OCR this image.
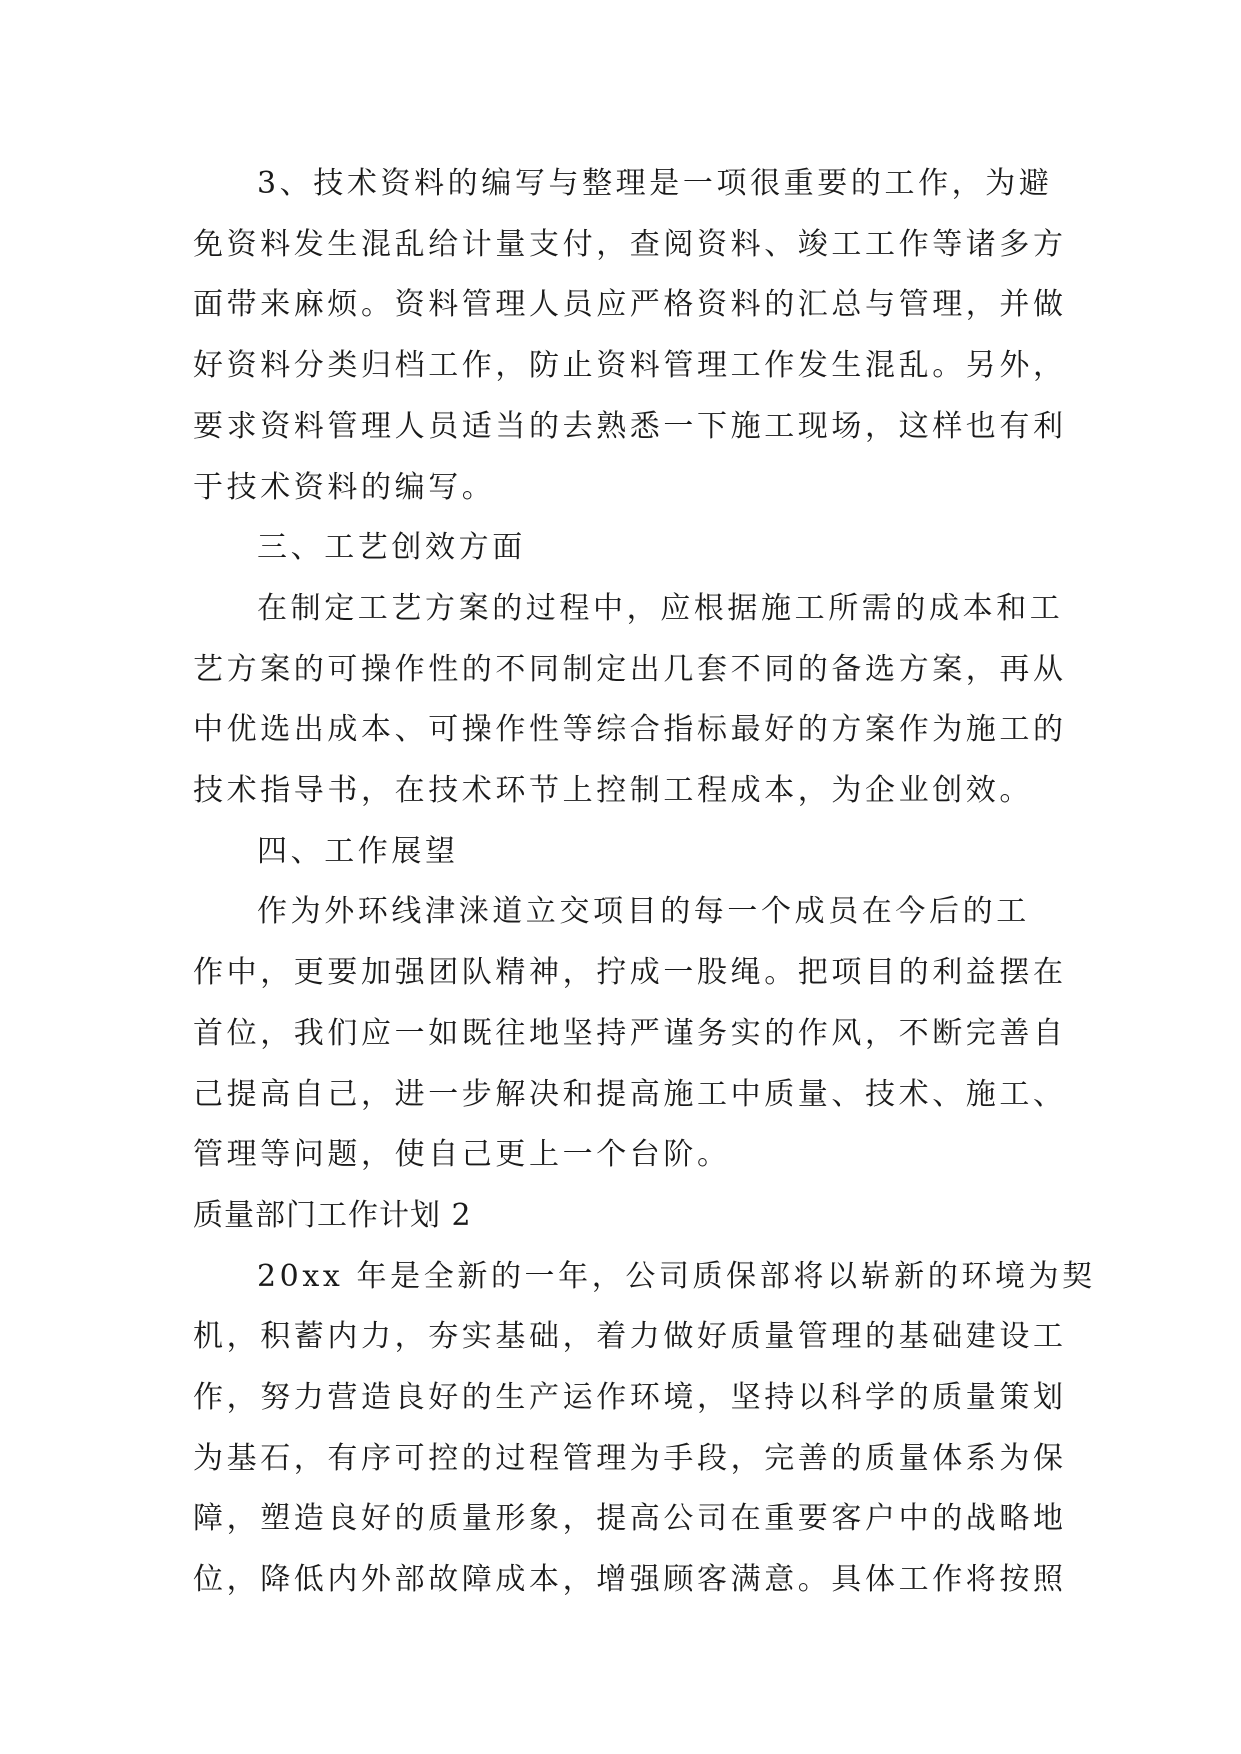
3、技术资料的编写与整理是一项很重要的工作，为避
免资料发生混乱给计量支付，查阅资料、竣工工作等诸多方
面带来麻烦。资料管理人员应严格资料的汇总与管理，并做
好资料分类归档工作，防止资料管理工作发生混乱。另外，
要求资料管理人员适当的去熟悉一下施工现场，这样也有利
于技术资料的编写。

三、工艺创效方面

在制定工艺方案的过程中，应根据施工所需的成本和工
艺方案的可操作性的不同制定出几套不同的备选方案，再从
中优选出成本、可操作性等综合指标最好的方案作为施工的
技术指导书，在技术环节上控制工程成本，为企业创效。

四、工作展望

作为外环线津涞道立交项目的每一个成员在今后的工
作中，更要加强团队精神，拧成一股绳。把项目的利益摆在
首位，我们应一如既往地坚持严谨务实的作风，不断完善自
己提高自己，进一步解决和提高施工中质量、技术、施工、
管理等问题，使自己更上一个台阶。

质量部门工作计划 2

20xx 年是全新的一年，公司质保部将以崭新的环境为契
机，积蓄内力，夯实基础，着力做好质量管理的基础建设工
作，努力营造良好的生产运作环境，坚持以科学的质量策划
为基石，有序可控的过程管理为手段，完善的质量体系为保
障，塑造良好的质量形象，提高公司在重要客户中的战略地
位，降低内外部故障成本，增强顾客满意。具体工作将按照
